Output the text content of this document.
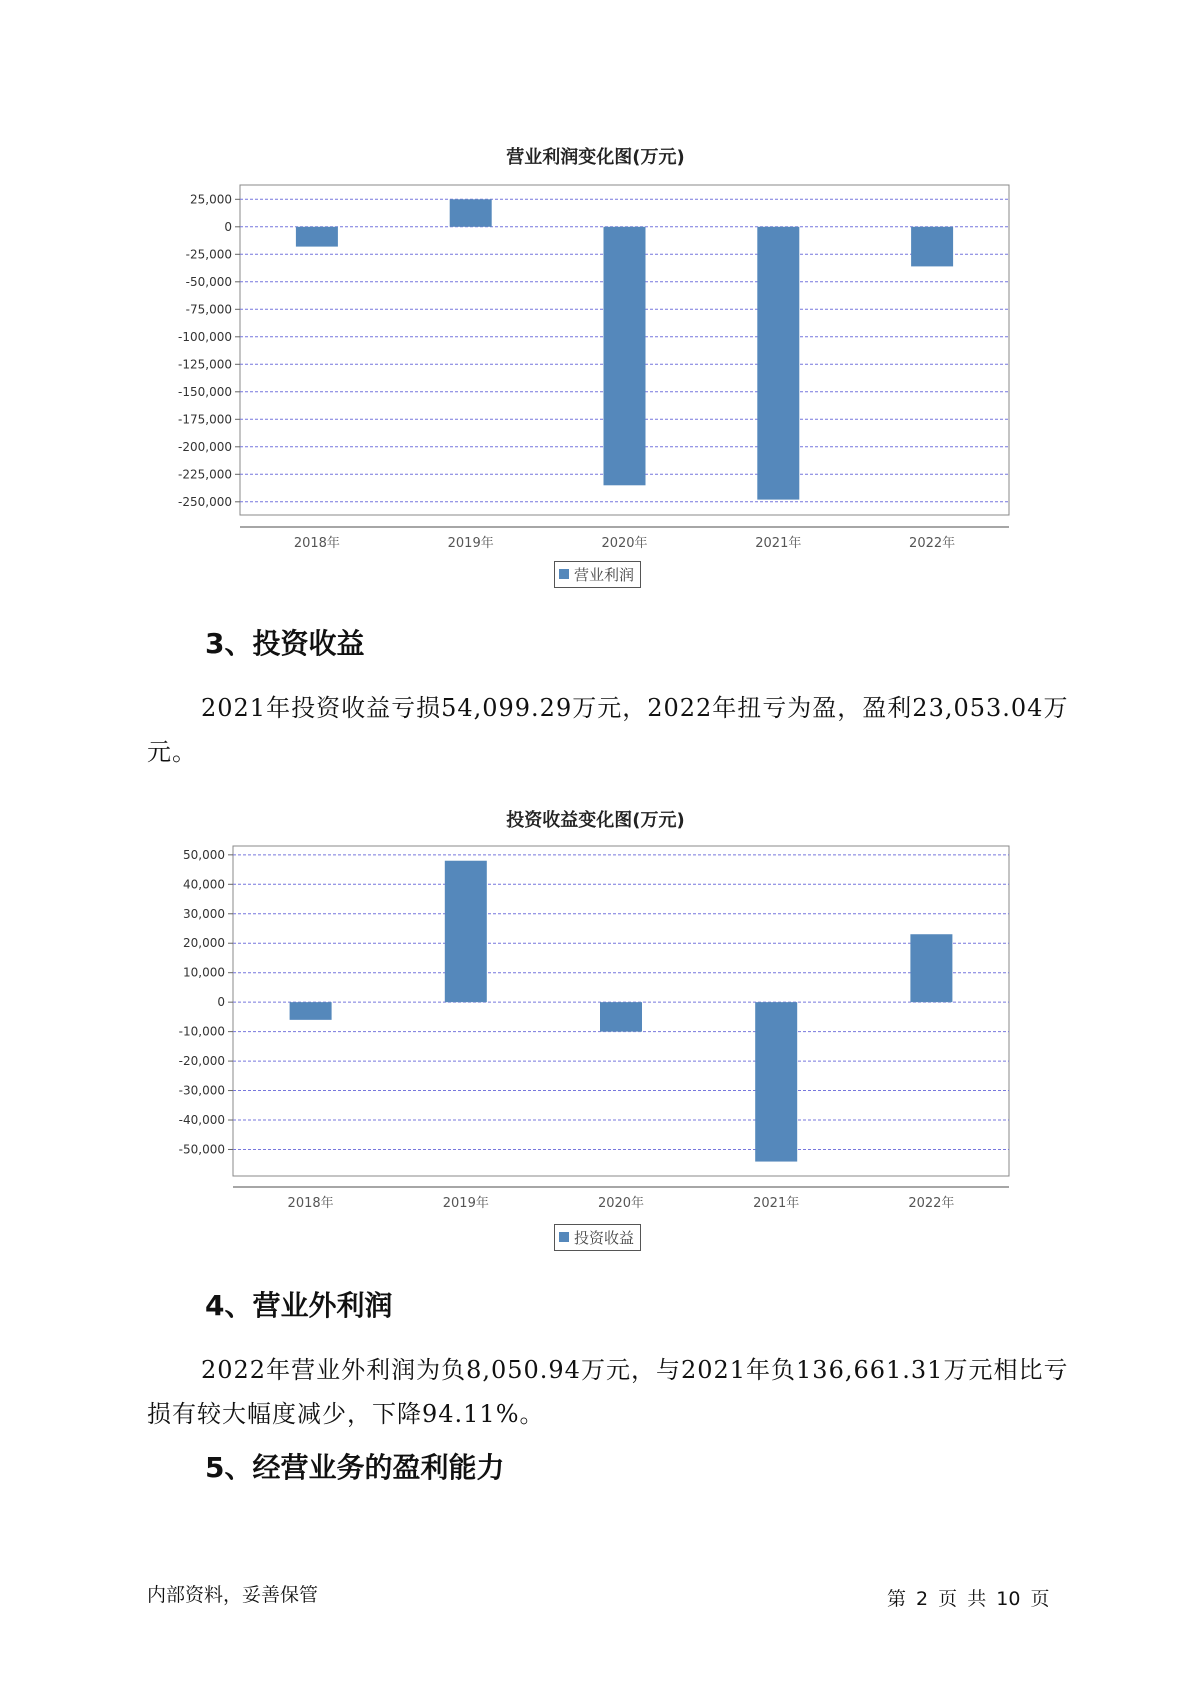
营业利润变化图(万元)
25,000
0
-25,000
-50,000
-75,000
-100,000
-125,000
-150,000
-175,000
-200,000
-225,000
-250,000
2018年	2019年	2020年	2021年	2022年
营业利润
3、投资收益
2021年投资收益亏损54,099.29万元，2022年扭亏为盈，盈利23,053.04万元。
投资收益变化图(万元)
50,000
40,000
30,000
20,000
10,000
0
-10,000
-20,000
-30,000
-40,000
-50,000
2018年	2019年	2020年	2021年	2022年
投资收益
4、营业外利润
2022年营业外利润为负8,050.94万元，与2021年负136,661.31万元相比亏损有较大幅度减少，下降94.11%。
5、经营业务的盈利能力
内部资料，妥善保管	第 2 页 共 10 页
